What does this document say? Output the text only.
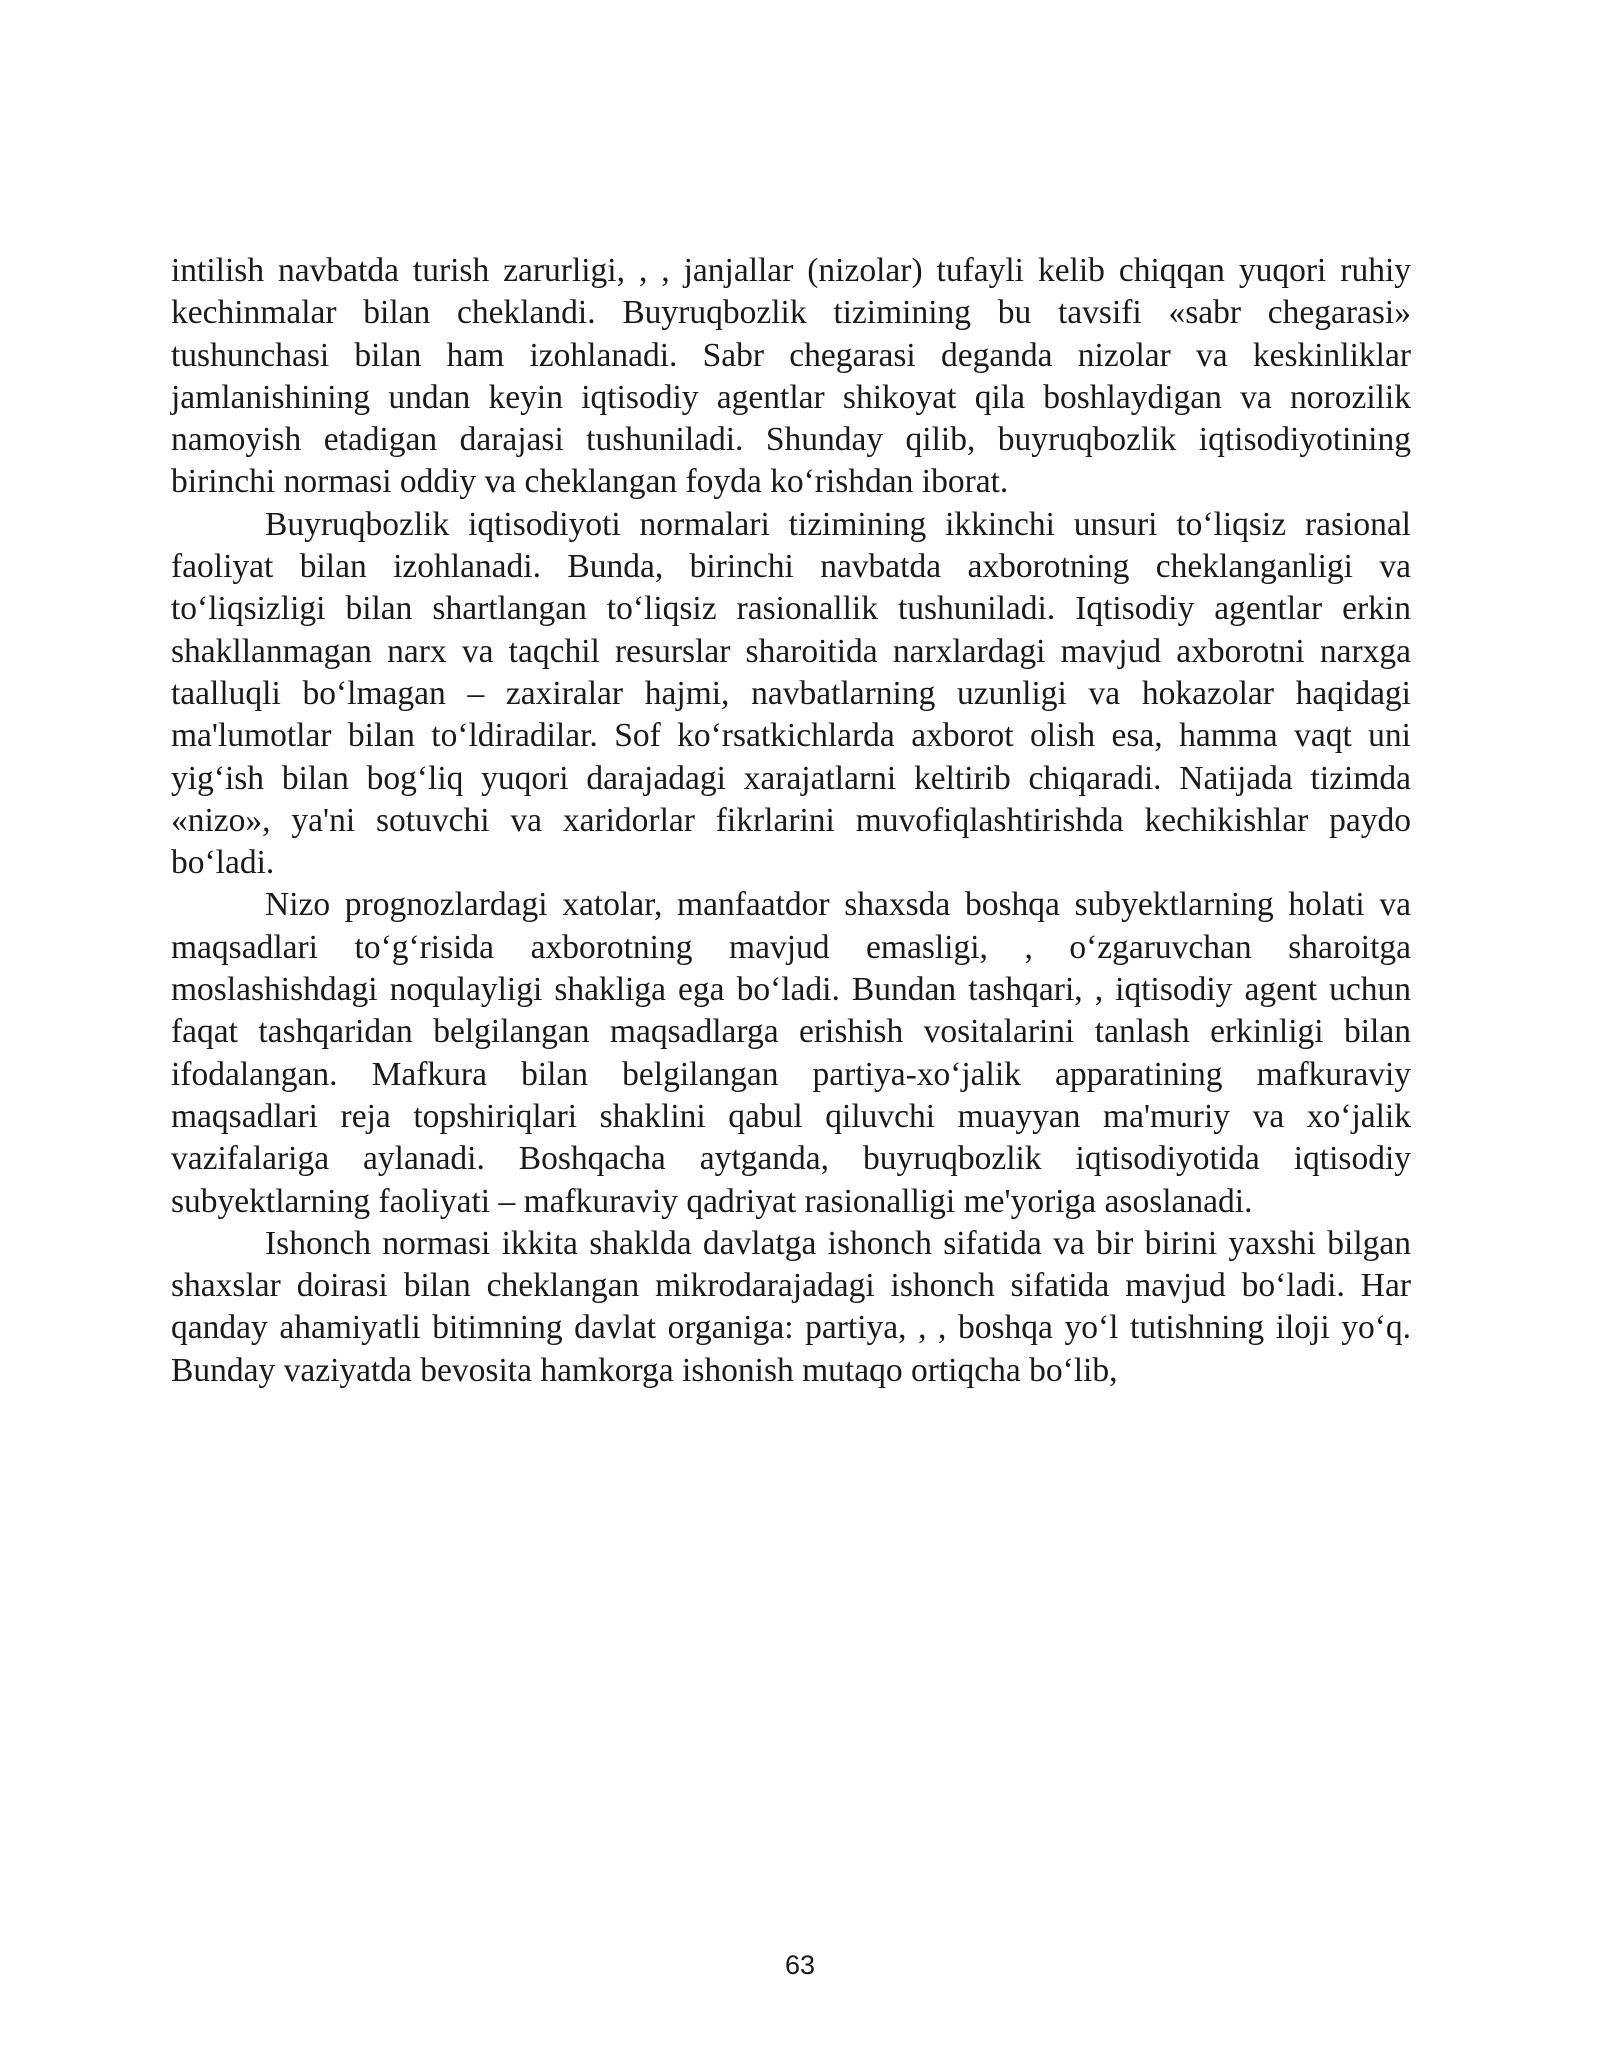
intilish navbatda turish zarurligi, , , janjallar (nizolar) tufayli kelib chiqqan yuqori ruhiy kechinmalar bilan cheklandi. Buyruqbozlik tizimining bu tavsifi «sabr chegarasi» tushunchasi bilan ham izohlanadi. Sabr chegarasi deganda nizolar va keskinliklar jamlanishining undan keyin iqtisodiy agentlar shikoyat qila boshlaydigan va norozilik namoyish etadigan darajasi tushuniladi. Shunday qilib, buyruqbozlik iqtisodiyotining birinchi normasi oddiy va cheklangan foyda ko‘rishdan iborat.

Buyruqbozlik iqtisodiyoti normalari tizimining ikkinchi unsuri to‘liqsiz rasional faoliyat bilan izohlanadi. Bunda, birinchi navbatda axborotning cheklanganligi va to‘liqsizligi bilan shartlangan to‘liqsiz rasionallik tushuniladi. Iqtisodiy agentlar erkin shakllanmagan narx va taqchil resurslar sharoitida narxlardagi mavjud axborotni narxga taalluqli bo‘lmagan – zaxiralar hajmi, navbatlarning uzunligi va hokazolar haqidagi ma'lumotlar bilan to‘ldiradilar. Sof ko‘rsatkichlarda axborot olish esa, hamma vaqt uni yig‘ish bilan bog‘liq yuqori darajadagi xarajatlarni keltirib chiqaradi. Natijada tizimda «nizo», ya'ni sotuvchi va xaridorlar fikrlarini muvofiqlashtirishda kechikishlar paydo bo‘ladi.

Nizo prognozlardagi xatolar, manfaatdor shaxsda boshqa subyektlarning holati va maqsadlari to‘g‘risida axborotning mavjud emasligi, , o‘zgaruvchan sharoitga moslashishdagi noqulayligi shakliga ega bo‘ladi. Bundan tashqari, , iqtisodiy agent uchun faqat tashqaridan belgilangan maqsadlarga erishish vositalarini tanlash erkinligi bilan ifodalangan. Mafkura bilan belgilangan partiya-xo‘jalik apparatining mafkuraviy maqsadlari reja topshiriqlari shaklini qabul qiluvchi muayyan ma'muriy va xo‘jalik vazifalariga aylanadi. Boshqacha aytganda, buyruqbozlik iqtisodiyotida iqtisodiy subyektlarning faoliyati – mafkuraviy qadriyat rasionalligi me'yoriga asoslanadi.

Ishonch normasi ikkita shaklda davlatga ishonch sifatida va bir birini yaxshi bilgan shaxslar doirasi bilan cheklangan mikrodarajadagi ishonch sifatida mavjud bo‘ladi. Har qanday ahamiyatli bitimning davlat organiga: partiya, , , boshqa yo‘l tutishning iloji yo‘q. Bunday vaziyatda bevosita hamkorga ishonish mutaqo ortiqcha bo‘lib,

63
